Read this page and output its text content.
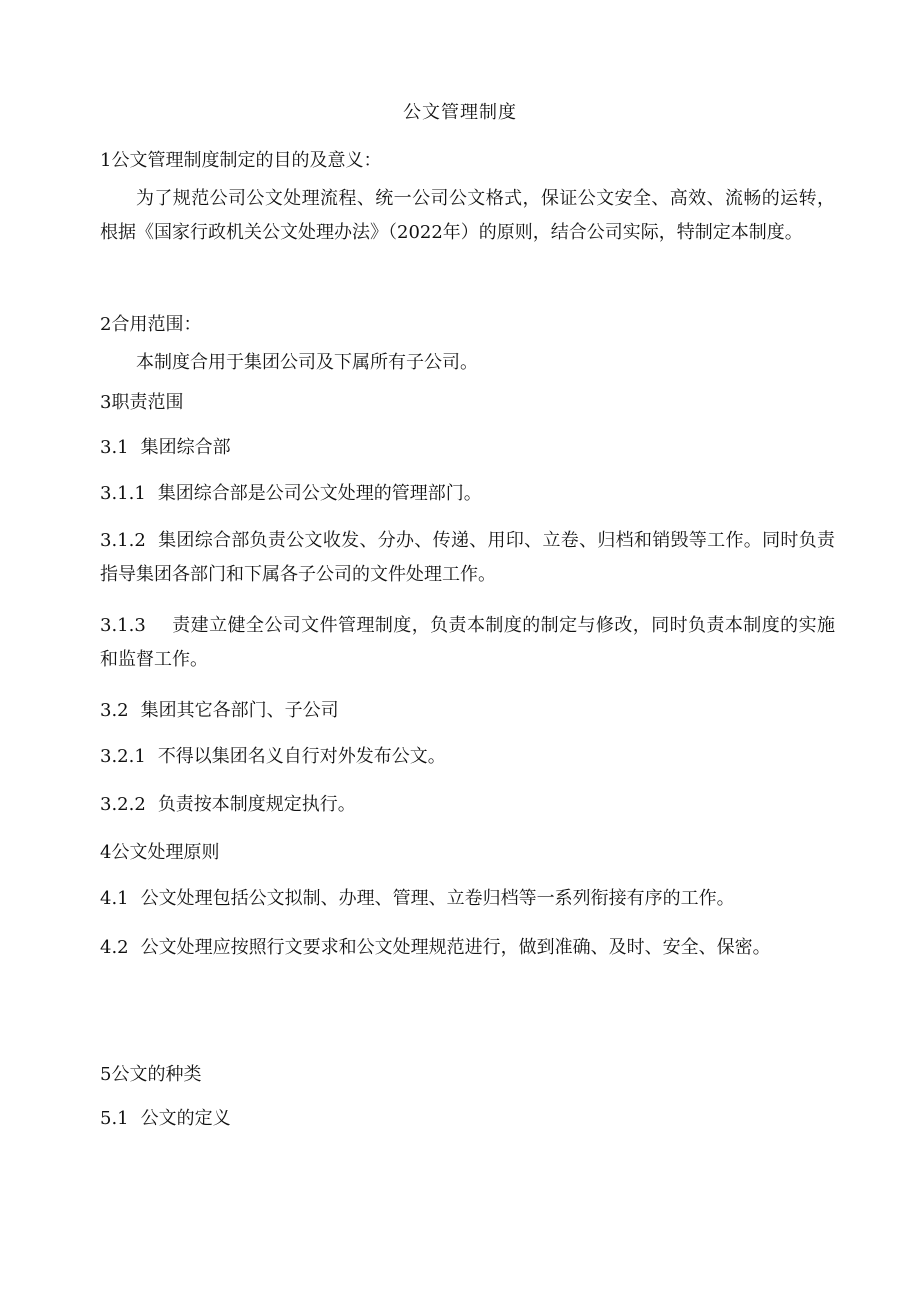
公文管理制度
1公文管理制度制定的目的及意义：
为了规范公司公文处理流程、统一公司公文格式，保证公文安全、高效、流畅的运转，根据《国家行政机关公文处理办法》（2022年）的原则，结合公司实际，特制定本制度。
2合用范围：
本制度合用于集团公司及下属所有子公司。
3职责范围
3.1 集团综合部
3.1.1 集团综合部是公司公文处理的管理部门。
3.1.2 集团综合部负责公文收发、分办、传递、用印、立卷、归档和销毁等工作。同时负责指导集团各部门和下属各子公司的文件处理工作。
3.1.3 责建立健全公司文件管理制度，负责本制度的制定与修改，同时负责本制度的实施和监督工作。
3.2 集团其它各部门、子公司
3.2.1 不得以集团名义自行对外发布公文。
3.2.2 负责按本制度规定执行。
4公文处理原则
4.1 公文处理包括公文拟制、办理、管理、立卷归档等一系列衔接有序的工作。
4.2 公文处理应按照行文要求和公文处理规范进行，做到准确、及时、安全、保密。
5公文的种类
5.1 公文的定义
